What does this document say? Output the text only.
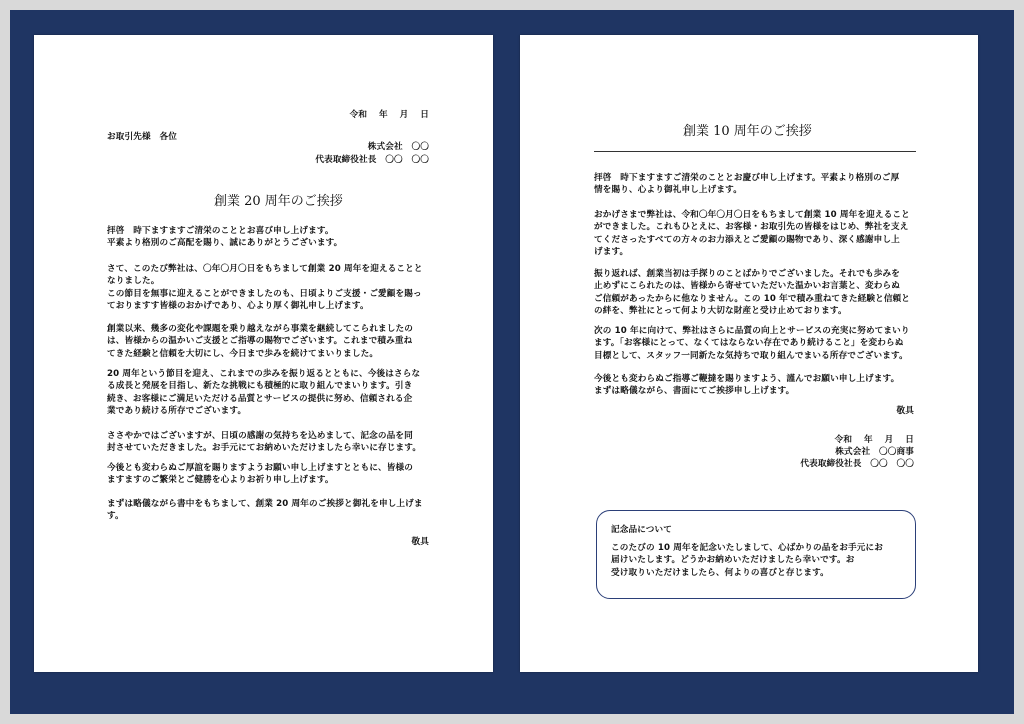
令和　 年　 月　 日
お取引先様　各位
株式会社　〇〇
代表取締役社長　〇〇　〇〇
創業 20 周年のご挨拶
拝啓　時下ますますご清栄のこととお喜び申し上げます。
平素より格別のご高配を賜り、誠にありがとうございます。
さて、このたび弊社は、〇年〇月〇日をもちまして創業 20 周年を迎えることと
なりました。
この節目を無事に迎えることができましたのも、日頃よりご支援・ご愛顧を賜っ
ておりますす皆様のおかげであり、心より厚く御礼申し上げます。
創業以来、幾多の変化や課題を乗り越えながら事業を継続してこられましたの
は、皆様からの温かいご支援とご指導の賜物でございます。これまで積み重ね
てきた経験と信頼を大切にし、今日まで歩みを続けてまいりました。
20 周年という節目を迎え、これまでの歩みを振り返るとともに、今後はさらな
る成長と発展を目指し、新たな挑戦にも積極的に取り組んでまいります。引き
続き、お客様にご満足いただける品質とサービスの提供に努め、信頼される企
業であり続ける所存でございます。
ささやかではございますが、日頃の感謝の気持ちを込めまして、記念の品を同
封させていただきました。お手元にてお納めいただけましたら幸いに存じます。
今後とも変わらぬご厚誼を賜りますようお願い申し上げますとともに、皆様の
ますますのご繁栄とご健勝を心よりお祈り申し上げます。
まずは略儀ながら書中をもちまして、創業 20 周年のご挨拶と御礼を申し上げま
す。
敬具
創業 10 周年のご挨拶
拝啓　時下ますますご清栄のこととお慶び申し上げます。平素より格別のご厚
情を賜り、心より御礼申し上げます。
おかげさまで弊社は、令和〇年〇月〇日をもちまして創業 10 周年を迎えること
ができました。これもひとえに、お客様・お取引先の皆様をはじめ、弊社を支え
てくださったすべての方々のお力添えとご愛顧の賜物であり、深く感謝申し上
げます。
振り返れば、創業当初は手探りのことばかりでございました。それでも歩みを
止めずにこられたのは、皆様から寄せていただいた温かいお言葉と、変わらぬ
ご信頼があったからに他なりません。この 10 年で積み重ねてきた経験と信頼と
の絆を、弊社にとって何より大切な財産と受け止めております。
次の 10 年に向けて、弊社はさらに品質の向上とサービスの充実に努めてまいり
ます。「お客様にとって、なくてはならない存在であり続けること」を変わらぬ
目標として、スタッフ一同新たな気持ちで取り組んでまいる所存でございます。
今後とも変わらぬご指導ご鞭撻を賜りますよう、謹んでお願い申し上げます。
まずは略儀ながら、書面にてご挨拶申し上げます。
敬具
令和　 年　 月　 日
株式会社　〇〇商事
代表取締役社長　〇〇　〇〇
記念品について
このたびの 10 周年を記念いたしまして、心ばかりの品をお手元にお
届けいたします。どうかお納めいただけましたら幸いです。お
受け取りいただけましたら、何よりの喜びと存じます。
